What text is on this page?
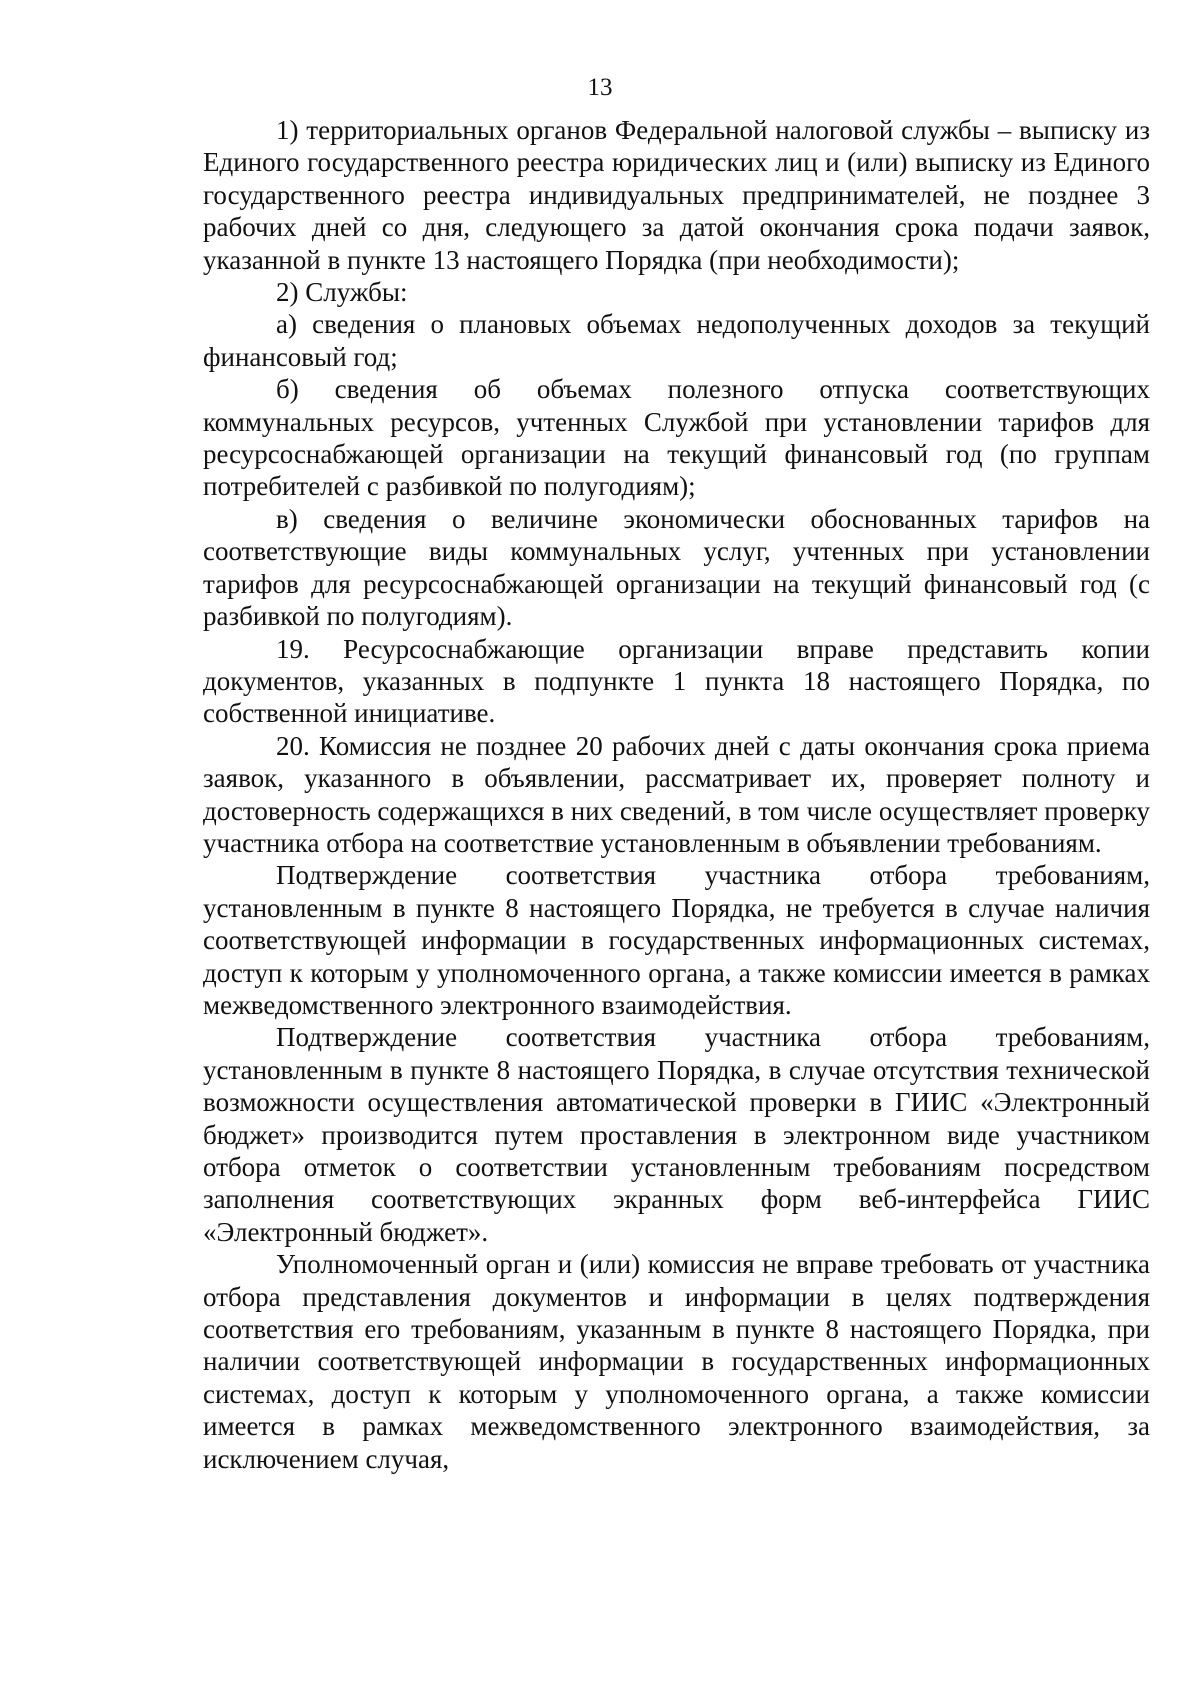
13

1) территориальных органов Федеральной налоговой службы – выписку из Единого государственного реестра юридических лиц и (или) выписку из Единого государственного реестра индивидуальных предпринимателей, не позднее 3 рабочих дней со дня, следующего за датой окончания срока подачи заявок, указанной в пункте 13 настоящего Порядка (при необходимости);

2) Службы:

а) сведения о плановых объемах недополученных доходов за текущий финансовый год;

б) сведения об объемах полезного отпуска соответствующих коммунальных ресурсов, учтенных Службой при установлении тарифов для ресурсоснабжающей организации на текущий финансовый год (по группам потребителей с разбивкой по полугодиям);

в) сведения о величине экономически обоснованных тарифов на соответствующие виды коммунальных услуг, учтенных при установлении тарифов для ресурсоснабжающей организации на текущий финансовый год (с разбивкой по полугодиям).

19. Ресурсоснабжающие организации вправе представить копии документов, указанных в подпункте 1 пункта 18 настоящего Порядка, по собственной инициативе.

20. Комиссия не позднее 20 рабочих дней с даты окончания срока приема заявок, указанного в объявлении, рассматривает их, проверяет полноту и достоверность содержащихся в них сведений, в том числе осуществляет проверку участника отбора на соответствие установленным в объявлении требованиям.

Подтверждение соответствия участника отбора требованиям, установленным в пункте 8 настоящего Порядка, не требуется в случае наличия соответствующей информации в государственных информационных системах, доступ к которым у уполномоченного органа, а также комиссии имеется в рамках межведомственного электронного взаимодействия.

Подтверждение соответствия участника отбора требованиям, установленным в пункте 8 настоящего Порядка, в случае отсутствия технической возможности осуществления автоматической проверки в ГИИС «Электронный бюджет» производится путем проставления в электронном виде участником отбора отметок о соответствии установленным требованиям посредством заполнения соответствующих экранных форм веб-интерфейса ГИИС «Электронный бюджет».

Уполномоченный орган и (или) комиссия не вправе требовать от участника отбора представления документов и информации в целях подтверждения соответствия его требованиям, указанным в пункте 8 настоящего Порядка, при наличии соответствующей информации в государственных информационных системах, доступ к которым у уполномоченного органа, а также комиссии имеется в рамках межведомственного электронного взаимодействия, за исключением случая,
